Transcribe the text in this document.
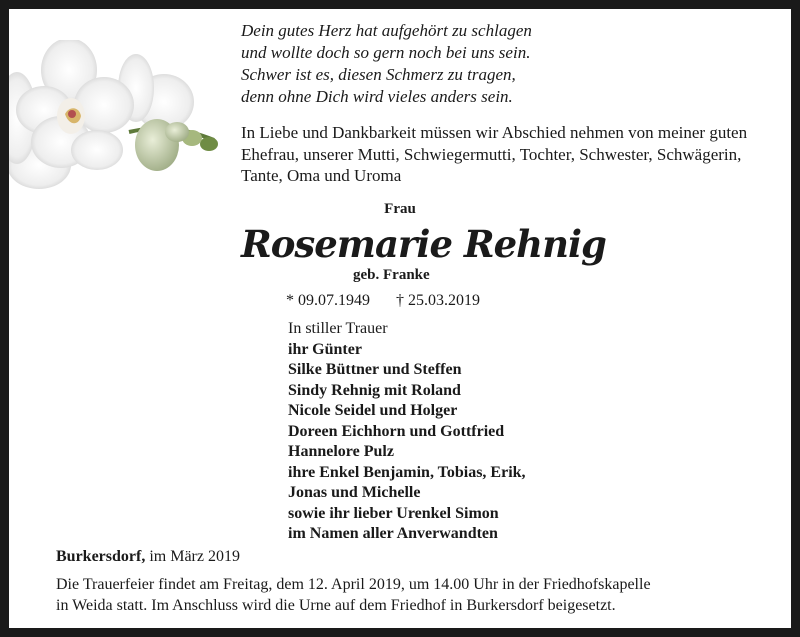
Dein gutes Herz hat aufgehört zu schlagen
und wollte doch so gern noch bei uns sein.
Schwer ist es, diesen Schmerz zu tragen,
denn ohne Dich wird vieles anders sein.
In Liebe und Dankbarkeit müssen wir Abschied nehmen von meiner guten Ehefrau, unserer Mutti, Schwiegermutti, Tochter, Schwester, Schwägerin, Tante, Oma und Uroma
Frau
Rosemarie Rehnig
geb. Franke
* 09.07.1949 † 25.03.2019
In stiller Trauer
ihr Günter
Silke Büttner und Steffen
Sindy Rehnig mit Roland
Nicole Seidel und Holger
Doreen Eichhorn und Gottfried
Hannelore Pulz
ihre Enkel Benjamin, Tobias, Erik,
Jonas und Michelle
sowie ihr lieber Urenkel Simon
im Namen aller Anverwandten
Burkersdorf, im März 2019
Die Trauerfeier findet am Freitag, dem 12. April 2019, um 14.00 Uhr in der Friedhofskapelle
in Weida statt. Im Anschluss wird die Urne auf dem Friedhof in Burkersdorf beigesetzt.
